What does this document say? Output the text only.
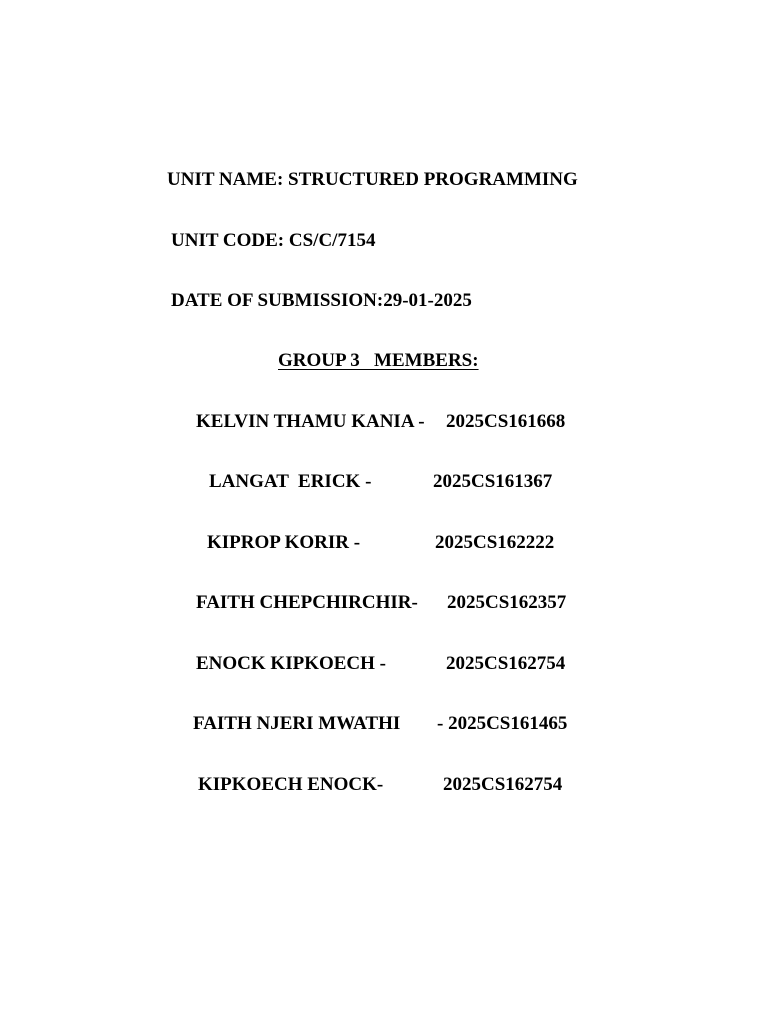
UNIT NAME: STRUCTURED PROGRAMMING
UNIT CODE: CS/C/7154
DATE OF SUBMISSION:29-01-2025
GROUP 3   MEMBERS:
KELVIN THAMU KANIA - 2025CS161668
LANGAT  ERICK -	2025CS161367
KIPROP KORIR -	2025CS162222
FAITH CHEPCHIRCHIR- 2025CS162357
ENOCK KIPKOECH -	2025CS162754
FAITH NJERI MWATHI - 2025CS161465
KIPKOECH ENOCK-	2025CS162754
